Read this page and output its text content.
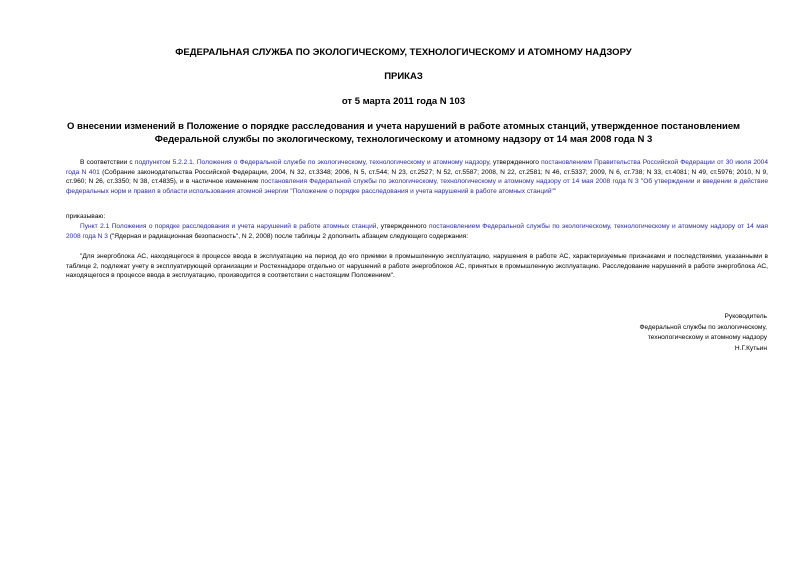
ФЕДЕРАЛЬНАЯ СЛУЖБА ПО ЭКОЛОГИЧЕСКОМУ, ТЕХНОЛОГИЧЕСКОМУ И АТОМНОМУ НАДЗОРУ
ПРИКАЗ
от 5 марта 2011 года N 103
О внесении изменений в Положение о порядке расследования и учета нарушений в работе атомных станций, утвержденное постановлением Федеральной службы по экологическому, технологическому и атомному надзору от 14 мая 2008 года N 3
В соответствии с подпунктом 5.2.2.1. Положения о Федеральной службе по экологическому, технологическому и атомному надзору, утвержденного постановлением Правительства Российской Федерации от 30 июля 2004 года N 401 (Собрание законодательства Российской Федерации, 2004, N 32, ст.3348; 2006, N 5, ст.544; N 23, ст.2527; N 52, ст.5587; 2008, N 22, ст.2581; N 46, ст.5337; 2009, N 6, ст.738; N 33, ст.4081; N 49, ст.5976; 2010, N 9, ст.960; N 26, ст.3350; N 38, ст.4835), и в частичное изменение постановления Федеральной службы по экологическому, технологическому и атомному надзору от 14 мая 2008 года N 3 "Об утверждении и введении в действие федеральных норм и правил в области использования атомной энергии "Положение о порядке расследования и учета нарушений в работе атомных станций""
приказываю:
Пункт 2.1 Положения о порядке расследования и учета нарушений в работе атомных станций, утвержденного постановлением Федеральной службы по экологическому, технологическому и атомному надзору от 14 мая 2008 года N 3 ("Ядерная и радиационная безопасность", N 2, 2008) после таблицы 2 дополнить абзацем следующего содержания:
"Для энергоблока АС, находящегося в процессе ввода в эксплуатацию на период до его приемки в промышленную эксплуатацию, нарушения в работе АС, характеризуемые признаками и последствиями, указанными в таблице 2, подлежат учету в эксплуатирующей организации и Ростехнадзоре отдельно от нарушений в работе энергоблоков АС, принятых в промышленную эксплуатацию. Расследование нарушений в работе энергоблока АС, находящегося в процессе ввода в эксплуатацию, производится в соответствии с настоящим Положением".
Руководитель
Федеральной службы по экологическому,
технологическому и атомному надзору
Н.Г.Кутьин
